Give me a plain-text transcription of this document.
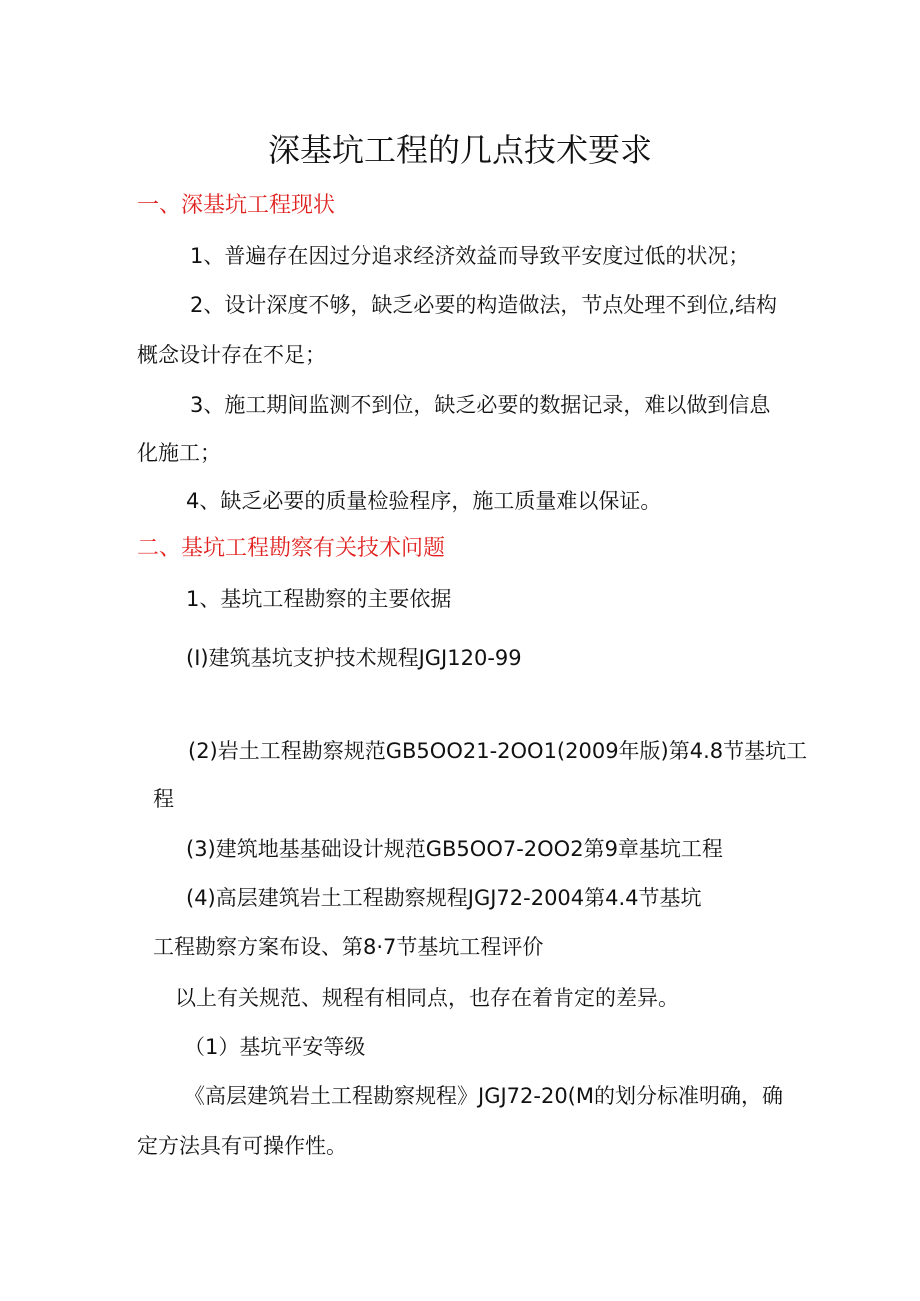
深基坑工程的几点技术要求
一、深基坑工程现状
1、普遍存在因过分追求经济效益而导致平安度过低的状况；
2、设计深度不够，缺乏必要的构造做法，节点处理不到位,结构
概念设计存在不足；
3、施工期间监测不到位，缺乏必要的数据记录，难以做到信息
化施工；
4、缺乏必要的质量检验程序，施工质量难以保证。
二、基坑工程勘察有关技术问题
1、基坑工程勘察的主要依据
(I)建筑基坑支护技术规程JGJ120-99
(2)岩土工程勘察规范GB5OO21-2OO1(2009年版)第4.8节基坑工
程
(3)建筑地基基础设计规范GB5OO7-2OO2第9章基坑工程
(4)高层建筑岩土工程勘察规程JGJ72-2004第4.4节基坑
工程勘察方案布设、第8·7节基坑工程评价
以上有关规范、规程有相同点，也存在着肯定的差异。
（1）基坑平安等级
《高层建筑岩土工程勘察规程》JGJ72-20(M的划分标准明确，确
定方法具有可操作性。
